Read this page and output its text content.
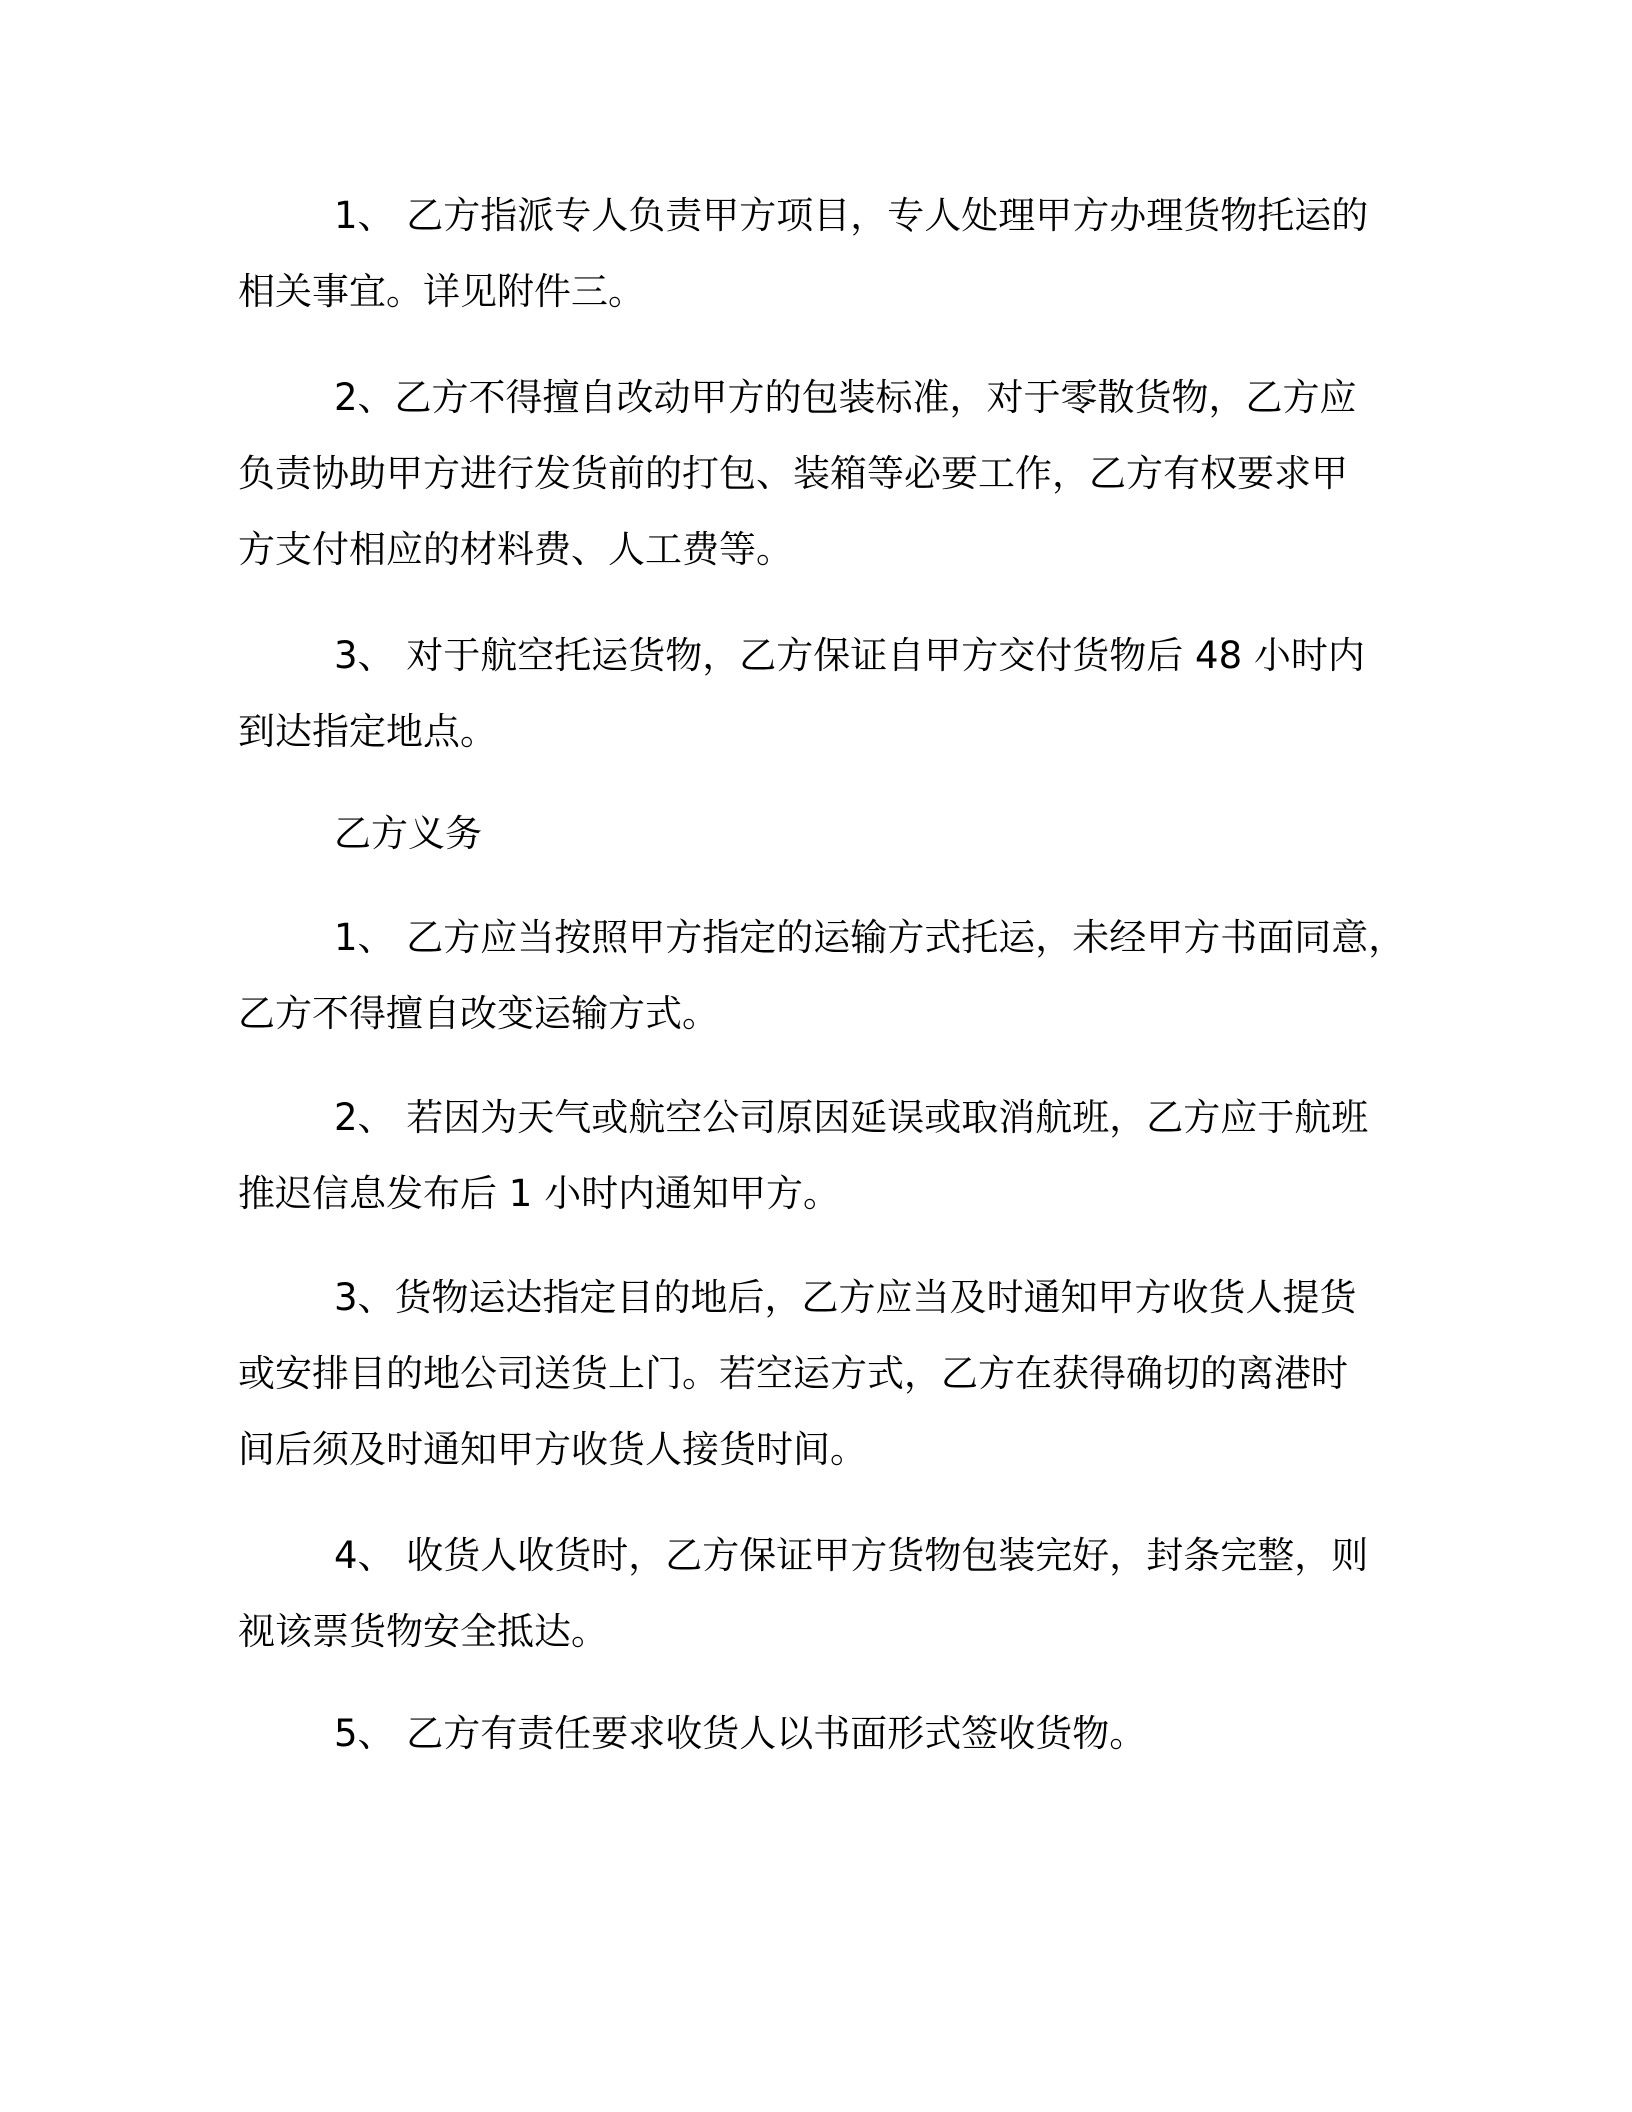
1、 乙方指派专人负责甲方项目，专人处理甲方办理货物托运的
相关事宜。详见附件三。
2、乙方不得擅自改动甲方的包装标准，对于零散货物，乙方应
负责协助甲方进行发货前的打包、装箱等必要工作，乙方有权要求甲
方支付相应的材料费、人工费等。
3、 对于航空托运货物，乙方保证自甲方交付货物后 48 小时内
到达指定地点。
乙方义务
1、 乙方应当按照甲方指定的运输方式托运，未经甲方书面同意，
乙方不得擅自改变运输方式。
2、 若因为天气或航空公司原因延误或取消航班，乙方应于航班
推迟信息发布后 1 小时内通知甲方。
3、货物运达指定目的地后，乙方应当及时通知甲方收货人提货
或安排目的地公司送货上门。若空运方式，乙方在获得确切的离港时
间后须及时通知甲方收货人接货时间。
4、 收货人收货时，乙方保证甲方货物包装完好，封条完整，则
视该票货物安全抵达。
5、 乙方有责任要求收货人以书面形式签收货物。
